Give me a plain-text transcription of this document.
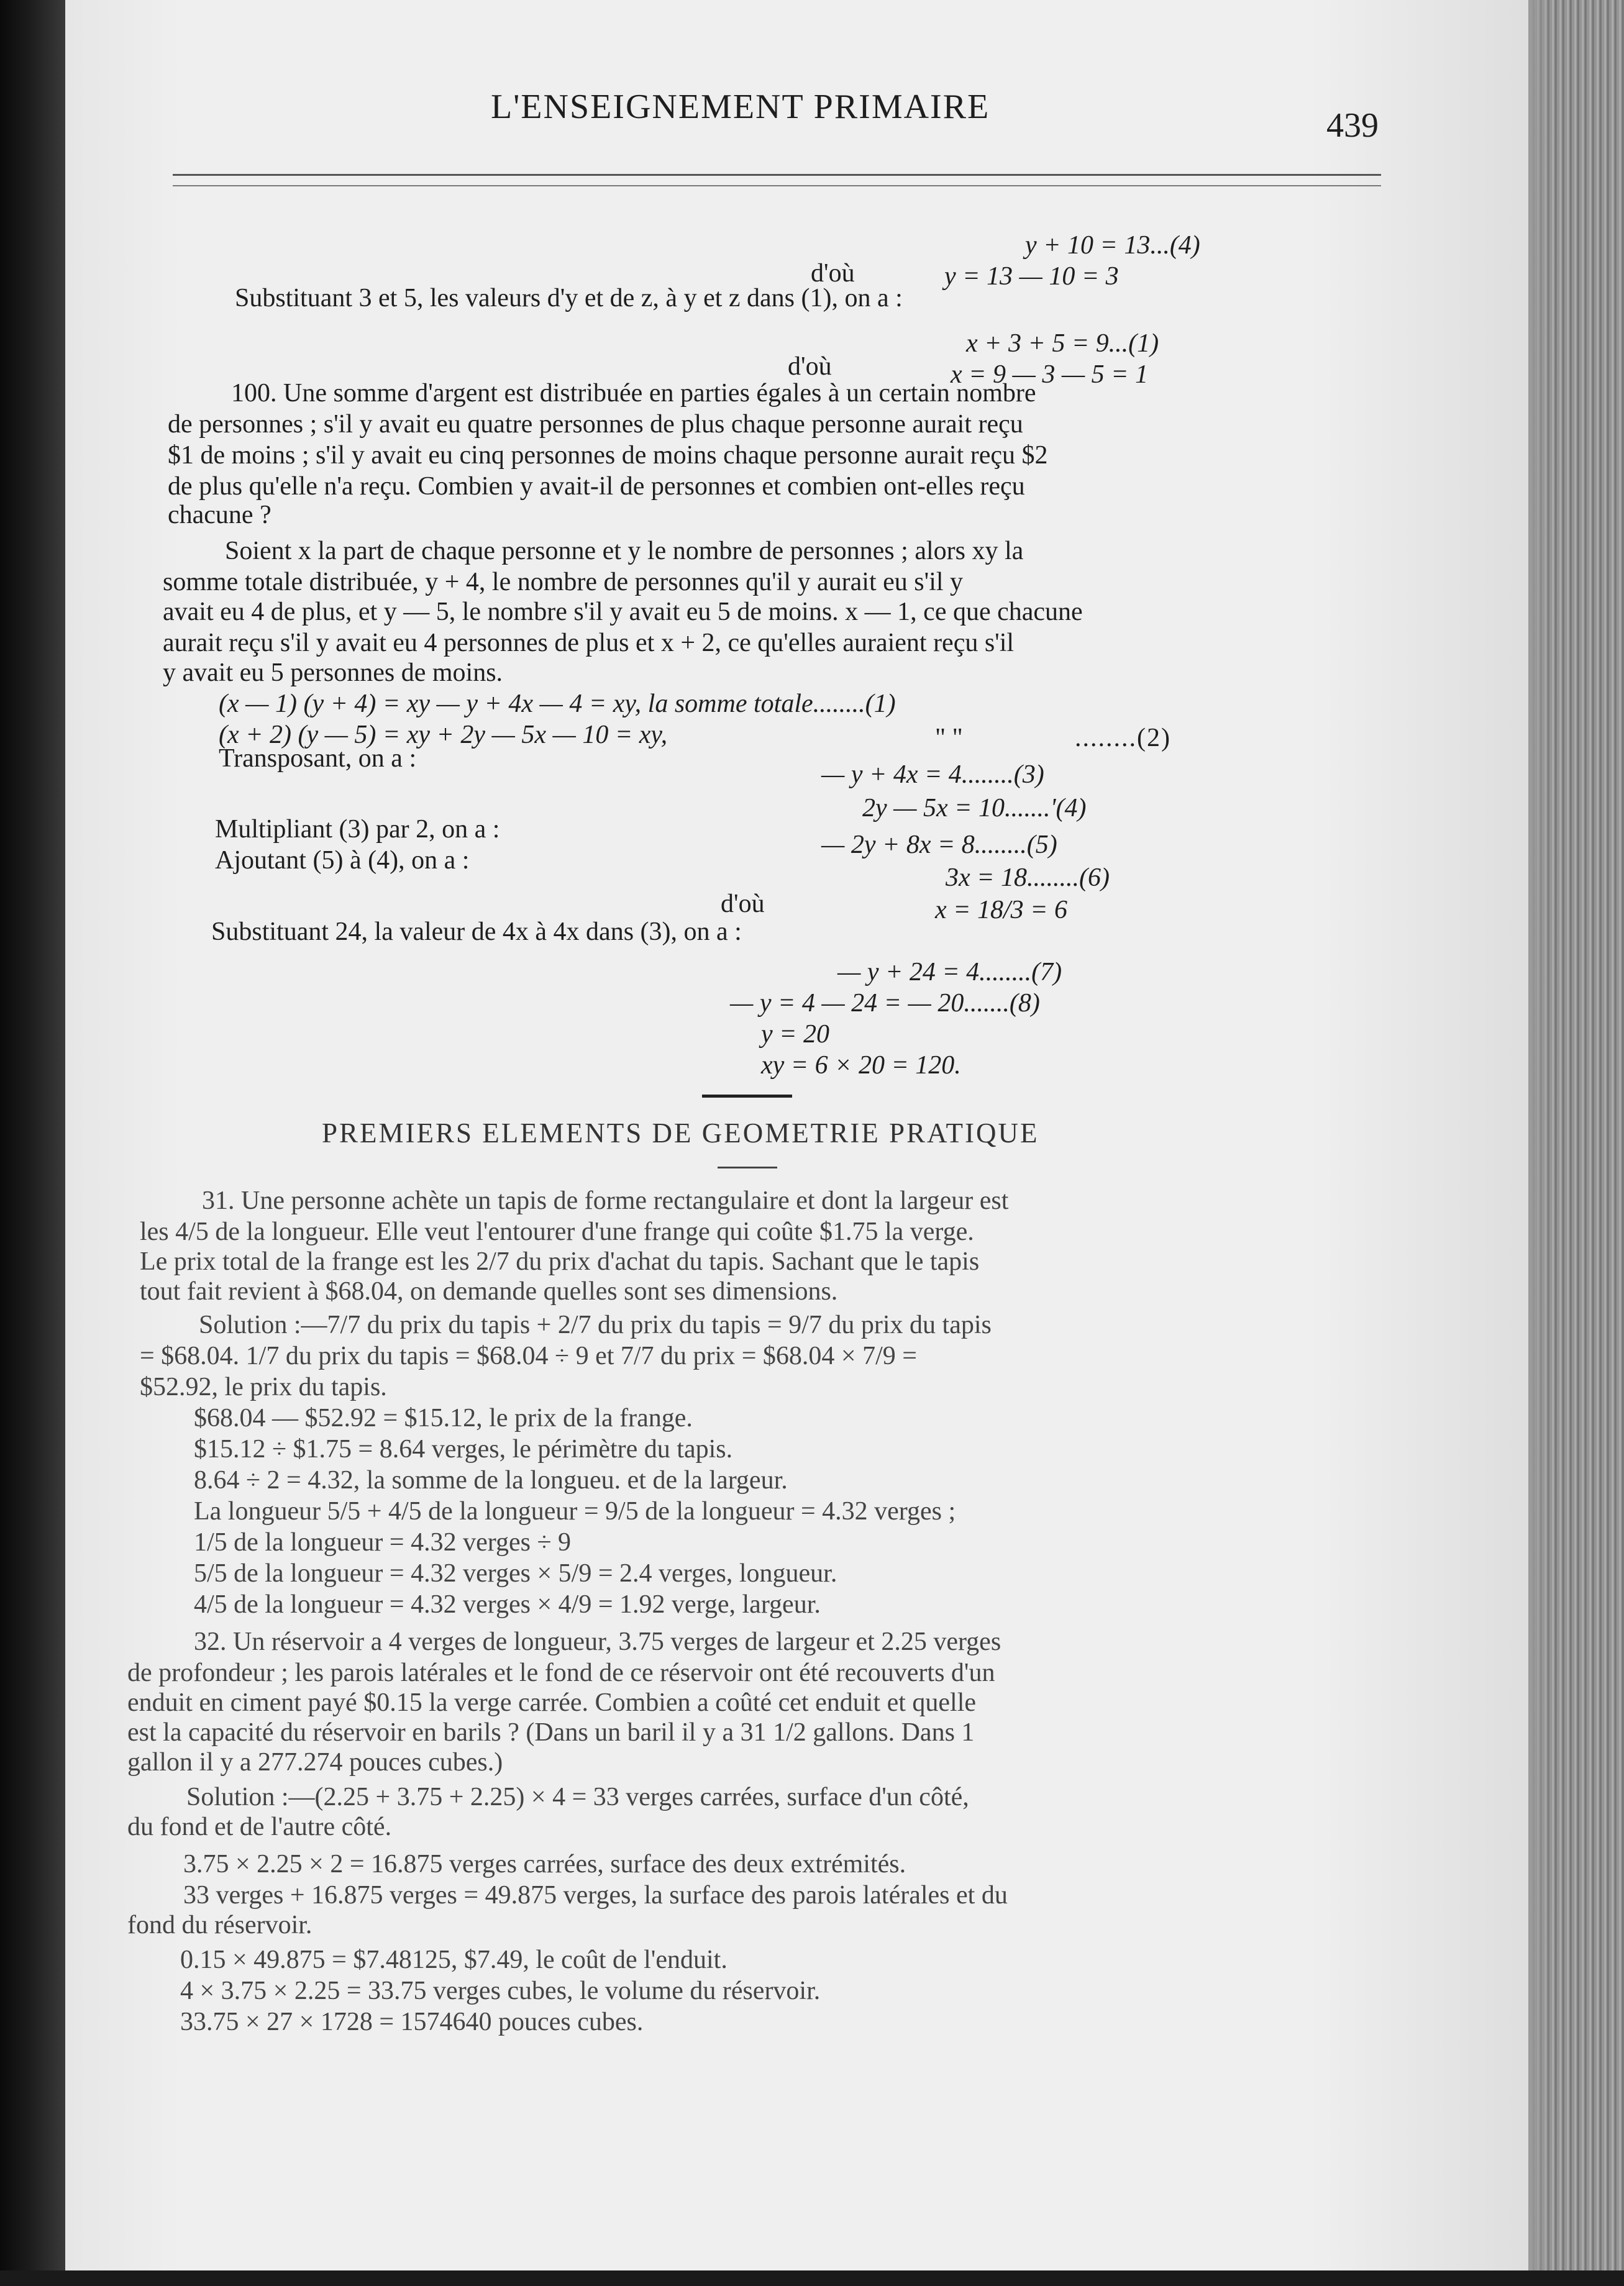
L'ENSEIGNEMENT PRIMAIRE	439
y + 10 = 13...(4)
d'où	y = 13 — 10 = 3
Substituant 3 et 5, les valeurs d'y et de z, à y et z dans (1), on a :
x + 3 + 5 = 9...(1)
d'où	x = 9 — 3 — 5 = 1
100. Une somme d'argent est distribuée en parties égales à un certain nombre
de personnes ; s'il y avait eu quatre personnes de plus chaque personne aurait reçu
$1 de moins ; s'il y avait eu cinq personnes de moins chaque personne aurait reçu $2
de plus qu'elle n'a reçu. Combien y avait-il de personnes et combien ont-elles reçu
chacune ?
Soient x la part de chaque personne et y le nombre de personnes ; alors xy la
somme totale distribuée, y + 4, le nombre de personnes qu'il y aurait eu s'il y
avait eu 4 de plus, et y — 5, le nombre s'il y avait eu 5 de moins. x — 1, ce que chacune
aurait reçu s'il y avait eu 4 personnes de plus et x + 2, ce qu'elles auraient reçu s'il
y avait eu 5 personnes de moins.
(x — 1) (y + 4) = xy — y + 4x — 4 = xy, la somme totale........(1)
(x + 2) (y — 5) = xy + 2y — 5x — 10 = xy,	" "	........(2)
Transposant, on a :
— y + 4x = 4........(3)
2y — 5x = 10.......'(4)
Multipliant (3) par 2, on a :
— 2y + 8x = 8........(5)
Ajoutant (5) à (4), on a :
3x = 18........(6)
d'où	x = 18/3 = 6
Substituant 24, la valeur de 4x à 4x dans (3), on a :
— y + 24 = 4........(7)
— y = 4 — 24 = — 20.......(8)
y = 20
xy = 6 × 20 = 120.
PREMIERS ELEMENTS DE GEOMETRIE PRATIQUE
31. Une personne achète un tapis de forme rectangulaire et dont la largeur est
les 4/5 de la longueur. Elle veut l'entourer d'une frange qui coûte $1.75 la verge.
Le prix total de la frange est les 2/7 du prix d'achat du tapis. Sachant que le tapis
tout fait revient à $68.04, on demande quelles sont ses dimensions.
Solution :—7/7 du prix du tapis + 2/7 du prix du tapis = 9/7 du prix du tapis
= $68.04. 1/7 du prix du tapis = $68.04 ÷ 9 et 7/7 du prix = $68.04 × 7/9 =
$52.92, le prix du tapis.
$68.04 — $52.92 = $15.12, le prix de la frange.
$15.12 ÷ $1.75 = 8.64 verges, le périmètre du tapis.
8.64 ÷ 2 = 4.32, la somme de la longueu. et de la largeur.
La longueur 5/5 + 4/5 de la longueur = 9/5 de la longueur = 4.32 verges ;
1/5 de la longueur = 4.32 verges ÷ 9
5/5 de la longueur = 4.32 verges × 5/9 = 2.4 verges, longueur.
4/5 de la longueur = 4.32 verges × 4/9 = 1.92 verge, largeur.
32. Un réservoir a 4 verges de longueur, 3.75 verges de largeur et 2.25 verges
de profondeur ; les parois latérales et le fond de ce réservoir ont été recouverts d'un
enduit en ciment payé $0.15 la verge carrée. Combien a coûté cet enduit et quelle
est la capacité du réservoir en barils ? (Dans un baril il y a 31 1/2 gallons. Dans 1
gallon il y a 277.274 pouces cubes.)
Solution :—(2.25 + 3.75 + 2.25) × 4 = 33 verges carrées, surface d'un côté,
du fond et de l'autre côté.
3.75 × 2.25 × 2 = 16.875 verges carrées, surface des deux extrémités.
33 verges + 16.875 verges = 49.875 verges, la surface des parois latérales et du
fond du réservoir.
0.15 × 49.875 = $7.48125, $7.49, le coût de l'enduit.
4 × 3.75 × 2.25 = 33.75 verges cubes, le volume du réservoir.
33.75 × 27 × 1728 = 1574640 pouces cubes.
